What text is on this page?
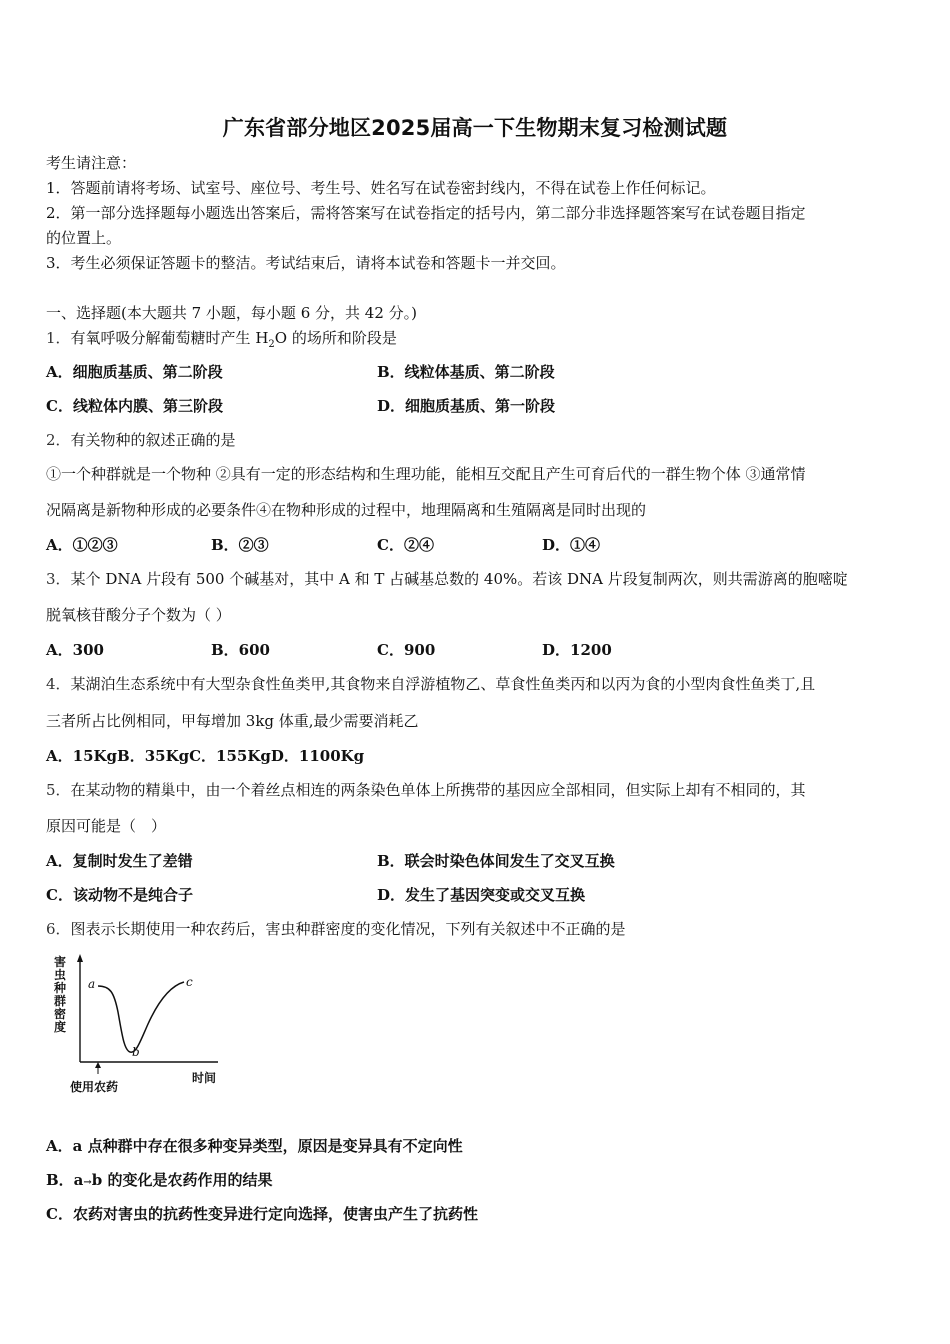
广东省部分地区2025届高一下生物期末复习检测试题
考生请注意：
1．答题前请将考场、试室号、座位号、考生号、姓名写在试卷密封线内，不得在试卷上作任何标记。
2．第一部分选择题每小题选出答案后，需将答案写在试卷指定的括号内，第二部分非选择题答案写在试卷题目指定
的位置上。
3．考生必须保证答题卡的整洁。考试结束后，请将本试卷和答题卡一并交回。
一、选择题(本大题共 7 小题，每小题 6 分，共 42 分。)
1．有氧呼吸分解葡萄糖时产生 $H_2O$ 的场所和阶段是
A．细胞质基质、第二阶段	B．线粒体基质、第二阶段
C．线粒体内膜、第三阶段	D．细胞质基质、第一阶段
2．有关物种的叙述正确的是
①一个种群就是一个物种 ②具有一定的形态结构和生理功能，能相互交配且产生可育后代的一群生物个体 ③通常情
况隔离是新物种形成的必要条件④在物种形成的过程中，地理隔离和生殖隔离是同时出现的
A．①②③	B．②③	C．②④	D．①④
3．某个 DNA 片段有 500 个碱基对，其中 A 和 T 占碱基总数的 40%。若该 DNA 片段复制两次，则共需游离的胞嘧啶
脱氧核苷酸分子个数为（ ）
A．300	B．600	C．900	D．1200
4．某湖泊生态系统中有大型杂食性鱼类甲,其食物来自浮游植物乙、草食性鱼类丙和以丙为食的小型肉食性鱼类丁,且
三者所占比例相同，甲每增加 3kg 体重,最少需要消耗乙
A．15KgB．35KgC．155KgD．1100Kg
5．在某动物的精巢中，由一个着丝点相连的两条染色单体上所携带的基因应全部相同，但实际上却有不相同的，其
原因可能是（　）
A．复制时发生了差错	B．联会时染色体间发生了交叉互换
C．该动物不是纯合子	D．发生了基因突变或交叉互换
6．图表示长期使用一种农药后，害虫种群密度的变化情况，下列有关叙述中不正确的是
害虫种群密度
a
b
c
使用农药
时间
A．a 点种群中存在很多种变异类型，原因是变异具有不定向性
B．a→b 的变化是农药作用的结果
C．农药对害虫的抗药性变异进行定向选择，使害虫产生了抗药性
